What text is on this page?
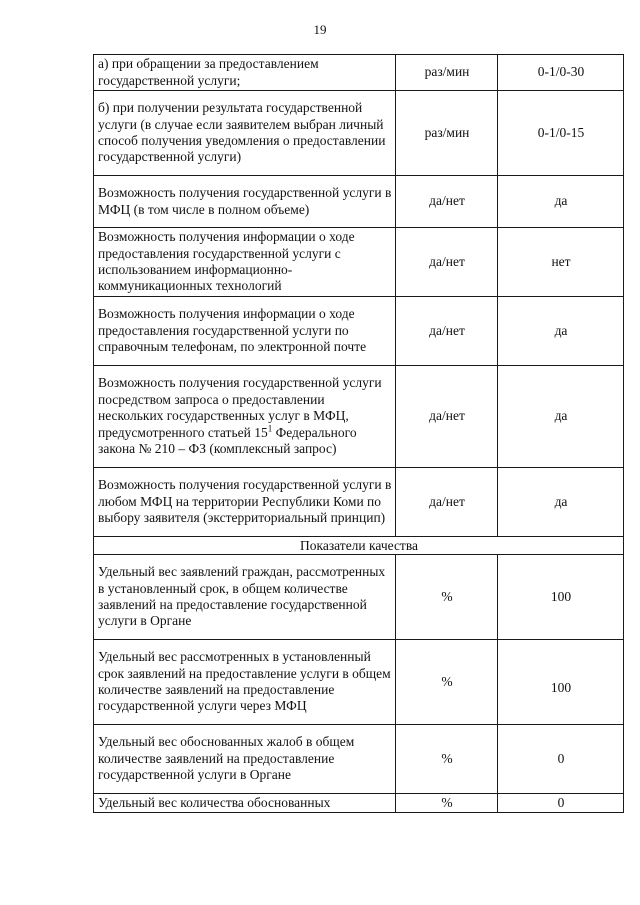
19
а) при обращении за предоставлением государственной услуги;	раз/мин	0-1/0-30
б) при получении результата государственной услуги (в случае если заявителем выбран личный способ получения уведомления о предоставлении государственной услуги)	раз/мин	0-1/0-15
Возможность получения государственной услуги в МФЦ (в том числе в полном объеме)	да/нет	да
Возможность получения информации о ходе предоставления государственной услуги с использованием информационно-коммуникационных технологий	да/нет	нет
Возможность получения информации о ходе предоставления государственной услуги по справочным телефонам, по электронной почте	да/нет	да
Возможность получения государственной услуги посредством запроса о предоставлении нескольких государственных услуг в МФЦ, предусмотренного статьей $15^1$ Федерального закона № 210 – ФЗ (комплексный запрос)	да/нет	да
Возможность получения государственной услуги в любом МФЦ на территории Республики Коми по выбору заявителя (экстерриториальный принцип)	да/нет	да
Показатели качества		
Удельный вес заявлений граждан, рассмотренных в установленный срок, в общем количестве заявлений на предоставление государственной услуги в Органе	%	100
Удельный вес рассмотренных в установленный срок заявлений на предоставление услуги в общем количестве заявлений на предоставление государственной услуги через МФЦ	%	100
Удельный вес обоснованных жалоб в общем количестве заявлений на предоставление государственной услуги в Органе	%	0
Удельный вес количества обоснованных	%	0
